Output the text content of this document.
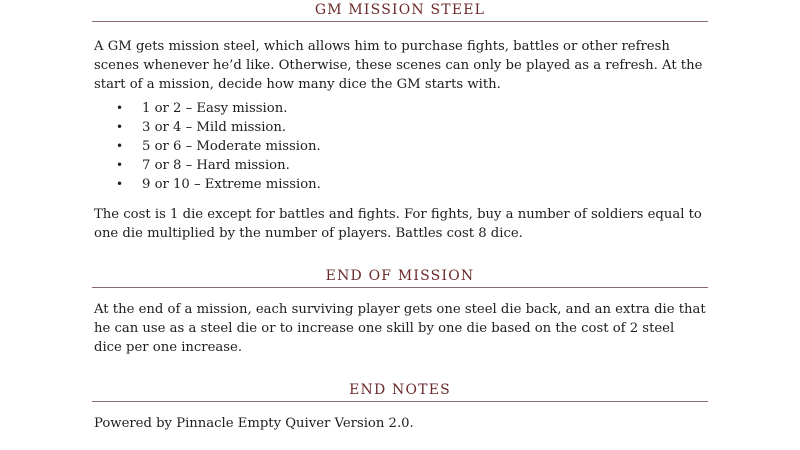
GM MISSION STEEL

A GM gets mission steel, which allows him to purchase fights, battles or other refresh scenes whenever he’d like. Otherwise, these scenes can only be played as a refresh. At the start of a mission, decide how many dice the GM starts with.

• 1 or 2 – Easy mission.
• 3 or 4 – Mild mission.
• 5 or 6 – Moderate mission.
• 7 or 8 – Hard mission.
• 9 or 10 – Extreme mission.

The cost is 1 die except for battles and fights. For fights, buy a number of soldiers equal to one die multiplied by the number of players. Battles cost 8 dice.

END OF MISSION

At the end of a mission, each surviving player gets one steel die back, and an extra die that he can use as a steel die or to increase one skill by one die based on the cost of 2 steel dice per one increase.

END NOTES

Powered by Pinnacle Empty Quiver Version 2.0.
